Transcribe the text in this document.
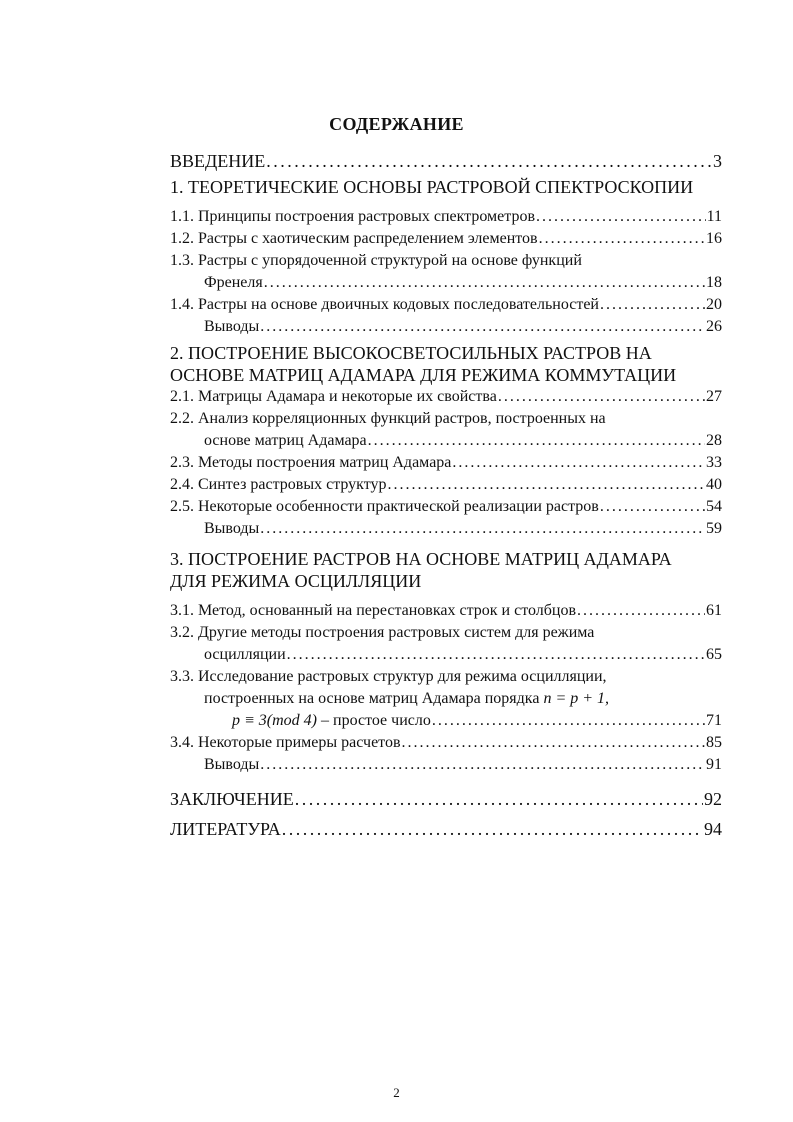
СОДЕРЖАНИЕ
ВВЕДЕНИЕ . . .	3
1. ТЕОРЕТИЧЕСКИЕ ОСНОВЫ РАСТРОВОЙ СПЕКТРОСКОПИИ
1.1. Принципы построения растровых спектрометров . . .	11
1.2. Растры с хаотическим распределением элементов . . .	16
1.3. Растры с упорядоченной структурой на основе функций
Френеля . . .	18
1.4. Растры на основе двоичных кодовых последовательностей . . .	20
Выводы . . .	26
2. ПОСТРОЕНИЕ ВЫСОКОСВЕТОСИЛЬНЫХ РАСТРОВ НА
ОСНОВЕ МАТРИЦ АДАМАРА ДЛЯ РЕЖИМА КОММУТАЦИИ
2.1. Матрицы Адамара и некоторые их свойства . . .	27
2.2. Анализ корреляционных функций растров, построенных на
основе матриц Адамара . . .	28
2.3. Методы построения матриц Адамара . . .	33
2.4. Синтез растровых структур . . .	40
2.5. Некоторые особенности практической реализации растров . . .	54
Выводы . . .	59
3. ПОСТРОЕНИЕ РАСТРОВ НА ОСНОВЕ МАТРИЦ АДАМАРА
ДЛЯ РЕЖИМА ОСЦИЛЛЯЦИИ
3.1. Метод, основанный на перестановках строк и столбцов . . .	61
3.2. Другие методы построения растровых систем для режима
осцилляции . . .	65
3.3. Исследование растровых структур для режима осцилляции,
построенных на основе матриц Адамара порядка n = p + 1,
p ≡ 3(mod 4) – простое число . . .	71
3.4. Некоторые примеры расчетов . . .	85
Выводы . . .	91
ЗАКЛЮЧЕНИЕ . . .	92
ЛИТЕРАТУРА . . .	94
2
